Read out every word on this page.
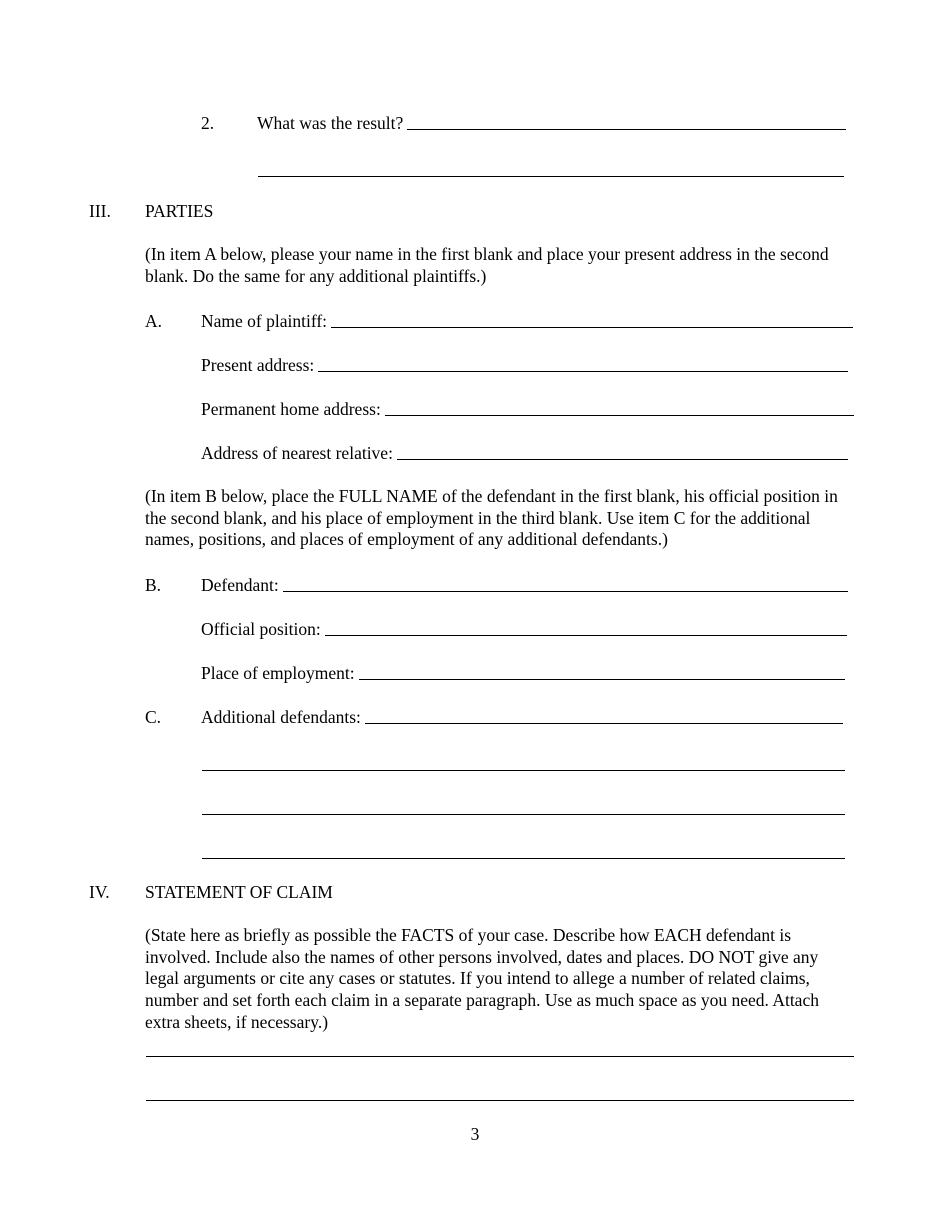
2. What was the result?
III. PARTIES
(In item A below, please your name in the first blank and place your present address in the second blank. Do the same for any additional plaintiffs.)
A. Name of plaintiff:
Present address:
Permanent home address:
Address of nearest relative:
(In item B below, place the FULL NAME of the defendant in the first blank, his official position in the second blank, and his place of employment in the third blank. Use item C for the additional names, positions, and places of employment of any additional defendants.)
B. Defendant:
Official position:
Place of employment:
C. Additional defendants:
IV. STATEMENT OF CLAIM
(State here as briefly as possible the FACTS of your case. Describe how EACH defendant is involved. Include also the names of other persons involved, dates and places. DO NOT give any legal arguments or cite any cases or statutes. If you intend to allege a number of related claims, number and set forth each claim in a separate paragraph. Use as much space as you need. Attach extra sheets, if necessary.)
3
